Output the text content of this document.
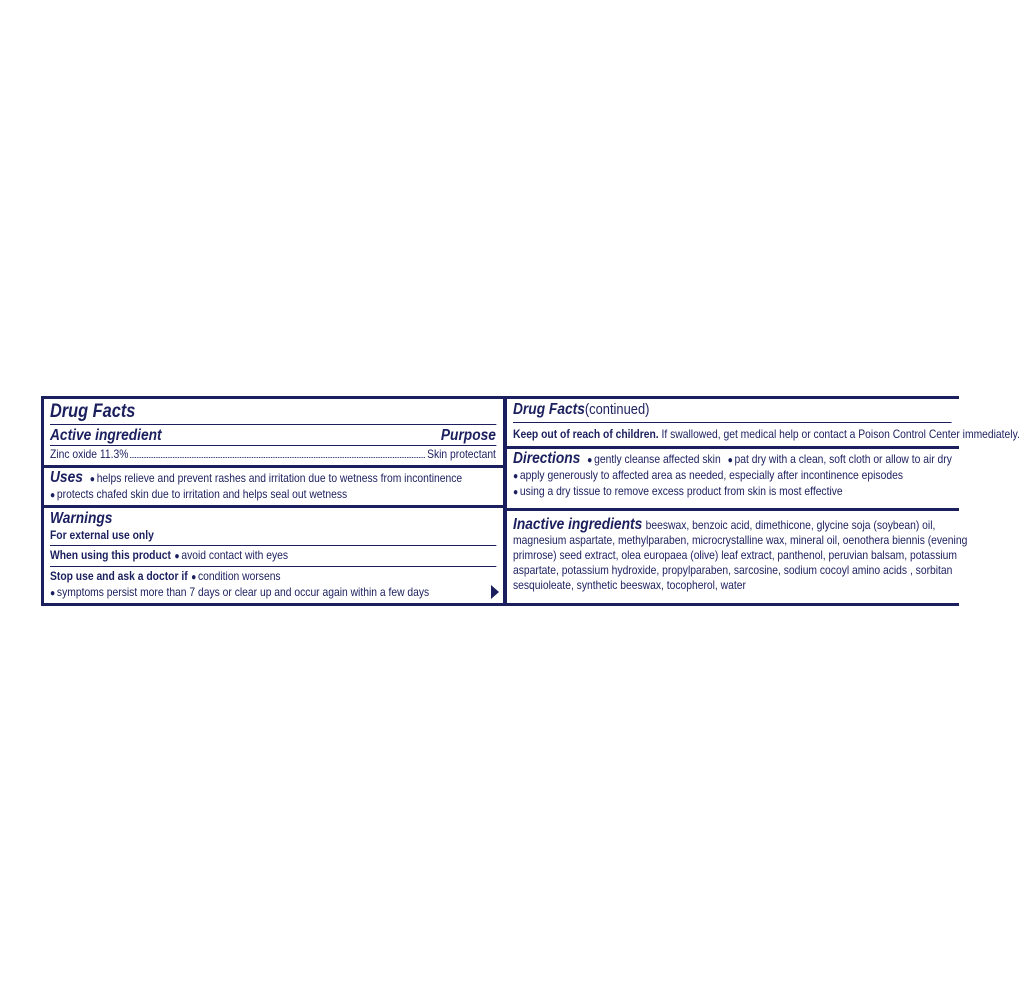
Drug Facts
Active ingredient	Purpose
Zinc oxide 11.3%	Skin protectant
Uses ● helps relieve and prevent rashes and irritation due to wetness from incontinence
● protects chafed skin due to irritation and helps seal out wetness
Warnings
For external use only
When using this product ● avoid contact with eyes
Stop use and ask a doctor if ● condition worsens
● symptoms persist more than 7 days or clear up and occur again within a few days
Drug Facts(continued)
Keep out of reach of children. If swallowed, get medical help or contact a Poison Control Center immediately.
Directions ● gently cleanse affected skin ● pat dry with a clean, soft cloth or allow to air dry
● apply generously to affected area as needed, especially after incontinence episodes
● using a dry tissue to remove excess product from skin is most effective
Inactive ingredients beeswax, benzoic acid, dimethicone, glycine soja (soybean) oil,
magnesium aspartate, methylparaben, microcrystalline wax, mineral oil, oenothera biennis (evening
primrose) seed extract, olea europaea (olive) leaf extract, panthenol, peruvian balsam, potassium
aspartate, potassium hydroxide, propylparaben, sarcosine, sodium cocoyl amino acids , sorbitan
sesquioleate, synthetic beeswax, tocopherol, water
